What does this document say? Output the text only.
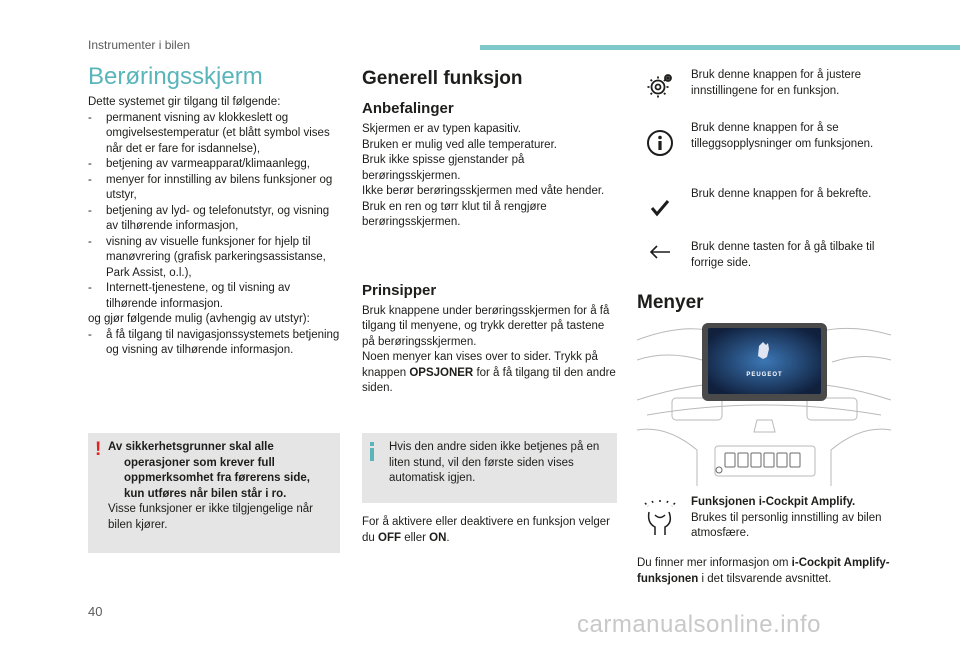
Instrumenter i bilen
Berøringsskjerm
Dette systemet gir tilgang til følgende:
- permanent visning av klokkeslett og omgivelsestemperatur (et blått symbol vises når det er fare for isdannelse),
- betjening av varmeapparat/klimaanlegg,
- menyer for innstilling av bilens funksjoner og utstyr,
- betjening av lyd- og telefonutstyr, og visning av tilhørende informasjon,
- visning av visuelle funksjoner for hjelp til manøvrering (grafisk parkeringsassistanse, Park Assist, o.l.),
- Internett-tjenestene, og til visning av tilhørende informasjon.
og gjør følgende mulig (avhengig av utstyr):
- å få tilgang til navigasjonssystemets betjening og visning av tilhørende informasjon.
! Av sikkerhetsgrunner skal alle operasjoner som krever full oppmerksomhet fra førerens side, kun utføres når bilen står i ro.
Visse funksjoner er ikke tilgjengelige når bilen kjører.
Generell funksjon
Anbefalinger
Skjermen er av typen kapasitiv.
Bruken er mulig ved alle temperaturer.
Bruk ikke spisse gjenstander på berøringsskjermen.
Ikke berør berøringsskjermen med våte hender.
Bruk en ren og tørr klut til å rengjøre berøringsskjermen.
Prinsipper
Bruk knappene under berøringsskjermen for å få tilgang til menyene, og trykk deretter på tastene på berøringsskjermen.
Noen menyer kan vises over to sider. Trykk på knappen OPSJONER for å få tilgang til den andre siden.
Hvis den andre siden ikke betjenes på en liten stund, vil den første siden vises automatisk igjen.
For å aktivere eller deaktivere en funksjon velger du OFF eller ON.
Bruk denne knappen for å justere innstillingene for en funksjon.
Bruk denne knappen for å se tilleggsopplysninger om funksjonen.
Bruk denne knappen for å bekrefte.
Bruk denne tasten for å gå tilbake til forrige side.
Menyer
PEUGEOT
Funksjonen i-Cockpit Amplify.
Brukes til personlig innstilling av bilen atmosfære.
Du finner mer informasjon om i-Cockpit Amplify-funksjonen i det tilsvarende avsnittet.
40	carmanualsonline.info
